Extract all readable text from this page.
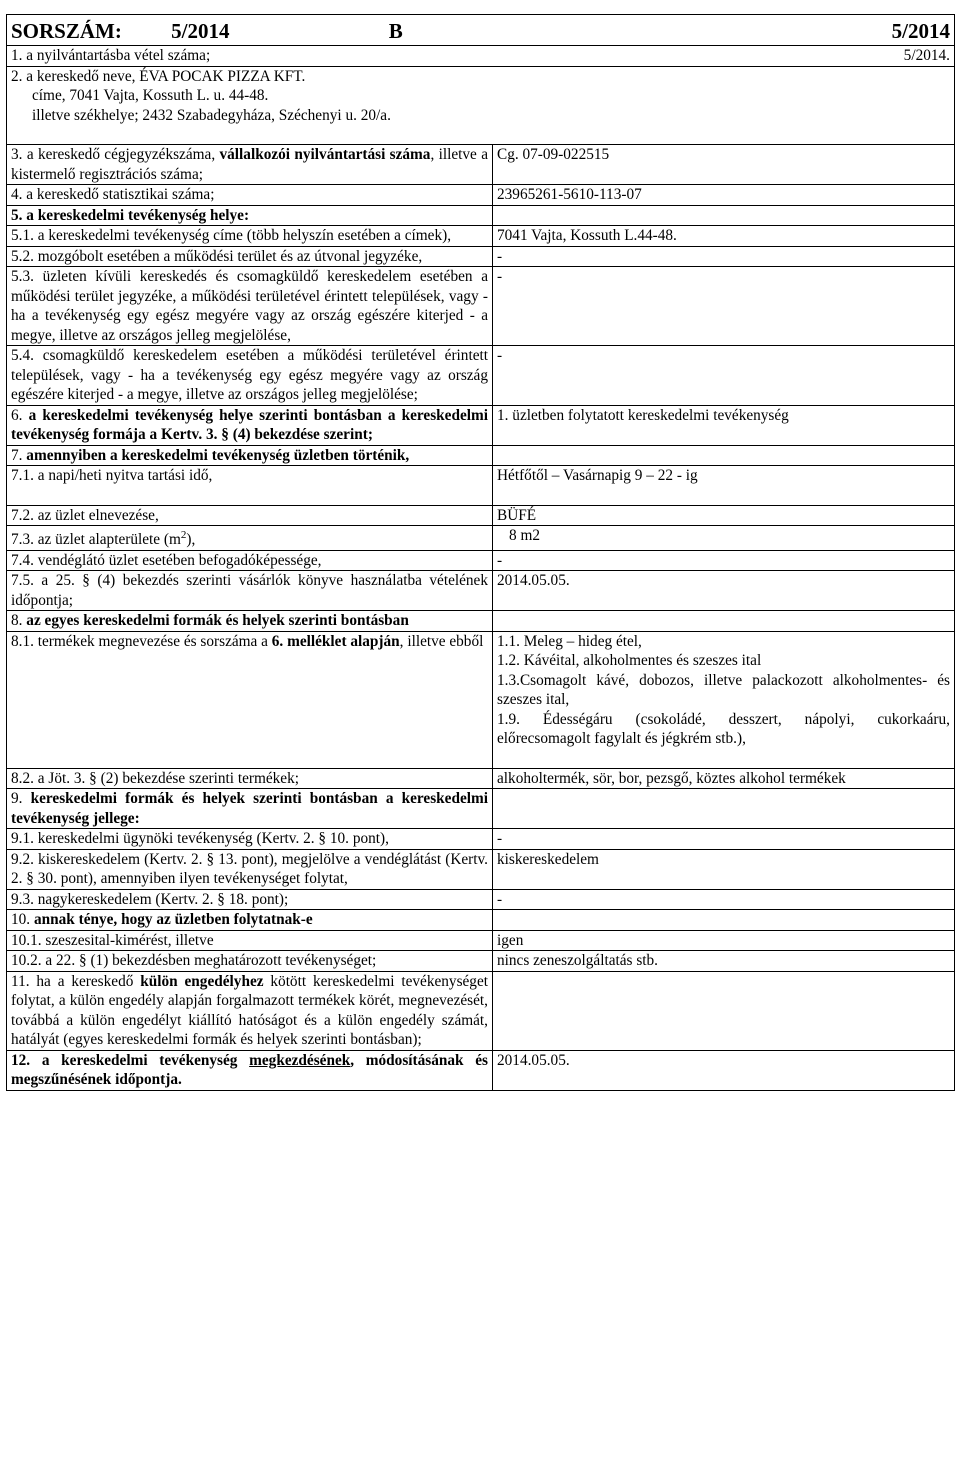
SORSZÁM: 5/2014 B 5/2014	

1. a nyilvántartásba vétel száma; 5/2014.	

2. a kereskedő neve, ÉVA POCAK PIZZA KFT.
címe, 7041 Vajta, Kossuth L. u. 44-48.
illetve székhelye; 2432 Szabadegyháza, Széchenyi u. 20/a.	

3. a kereskedő cégjegyzékszáma, vállalkozói nyilvántartási száma, illetve a kistermelő regisztrációs száma;	Cg. 07-09-022515
4. a kereskedő statisztikai száma;	23965261-5610-113-07
5. a kereskedelmi tevékenység helye:	
5.1. a kereskedelmi tevékenység címe (több helyszín esetében a címek),	7041 Vajta, Kossuth L.44-48.
5.2. mozgóbolt esetében a működési terület és az útvonal jegyzéke,	-
5.3. üzleten kívüli kereskedés és csomagküldő kereskedelem esetében a működési terület jegyzéke, a működési területével érintett települések, vagy - ha a tevékenység egy egész megyére vagy az ország egészére kiterjed - a megye, illetve az országos jelleg megjelölése,	-
5.4. csomagküldő kereskedelem esetében a működési területével érintett települések, vagy - ha a tevékenység egy egész megyére vagy az ország egészére kiterjed - a megye, illetve az országos jelleg megjelölése;	-
6. a kereskedelmi tevékenység helye szerinti bontásban a kereskedelmi tevékenység formája a Kertv. 3. § (4) bekezdése szerint;	1. üzletben folytatott kereskedelmi tevékenység
7. amennyiben a kereskedelmi tevékenység üzletben történik,	

7.1. a napi/heti nyitva tartási idő,	Hétfőtől – Vasárnapig 9 – 22 - ig
7.2. az üzlet elnevezése,	BÜFÉ
7.3. az üzlet alapterülete $(m^2)$,	8 m2
7.4. vendéglátó üzlet esetében befogadóképessége,	-
7.5. a 25. § (4) bekezdés szerinti vásárlók könyve használatba vételének időpontja;	2014.05.05.
8. az egyes kereskedelmi formák és helyek szerinti bontásban	
8.1. termékek megnevezése és sorszáma a 6. melléklet alapján, illetve ebből	1.1. Meleg – hideg étel,
1.2. Kávéital, alkoholmentes és szeszes ital
1.3.Csomagolt kávé, dobozos, illetve palackozott alkoholmentes- és szeszes ital,
1.9. Édességáru (csokoládé, desszert, nápolyi, cukorkaáru, előrecsomagolt fagylalt és jégkrém stb.),

8.2. a Jöt. 3. § (2) bekezdése szerinti termékek;	alkoholtermék, sör, bor, pezsgő, köztes alkohol termékek
9. kereskedelmi formák és helyek szerinti bontásban a kereskedelmi tevékenység jellege:	
9.1. kereskedelmi ügynöki tevékenység (Kertv. 2. § 10. pont),	-
9.2. kiskereskedelem (Kertv. 2. § 13. pont), megjelölve a vendéglátást (Kertv. 2. § 30. pont), amennyiben ilyen tevékenységet folytat,	kiskereskedelem
9.3. nagykereskedelem (Kertv. 2. § 18. pont);	-
10. annak ténye, hogy az üzletben folytatnak-e	
10.1. szeszesital-kimérést, illetve	igen
10.2. a 22. § (1) bekezdésben meghatározott tevékenységet;	nincs zeneszolgáltatás stb.
11. ha a kereskedő külön engedélyhez kötött kereskedelmi tevékenységet folytat, a külön engedély alapján forgalmazott termékek körét, megnevezését, továbbá a külön engedélyt kiállító hatóságot és a külön engedély számát, hatályát (egyes kereskedelmi formák és helyek szerinti bontásban);	
12. a kereskedelmi tevékenység megkezdésének, módosításának és megszűnésének időpontja.	2014.05.05.
